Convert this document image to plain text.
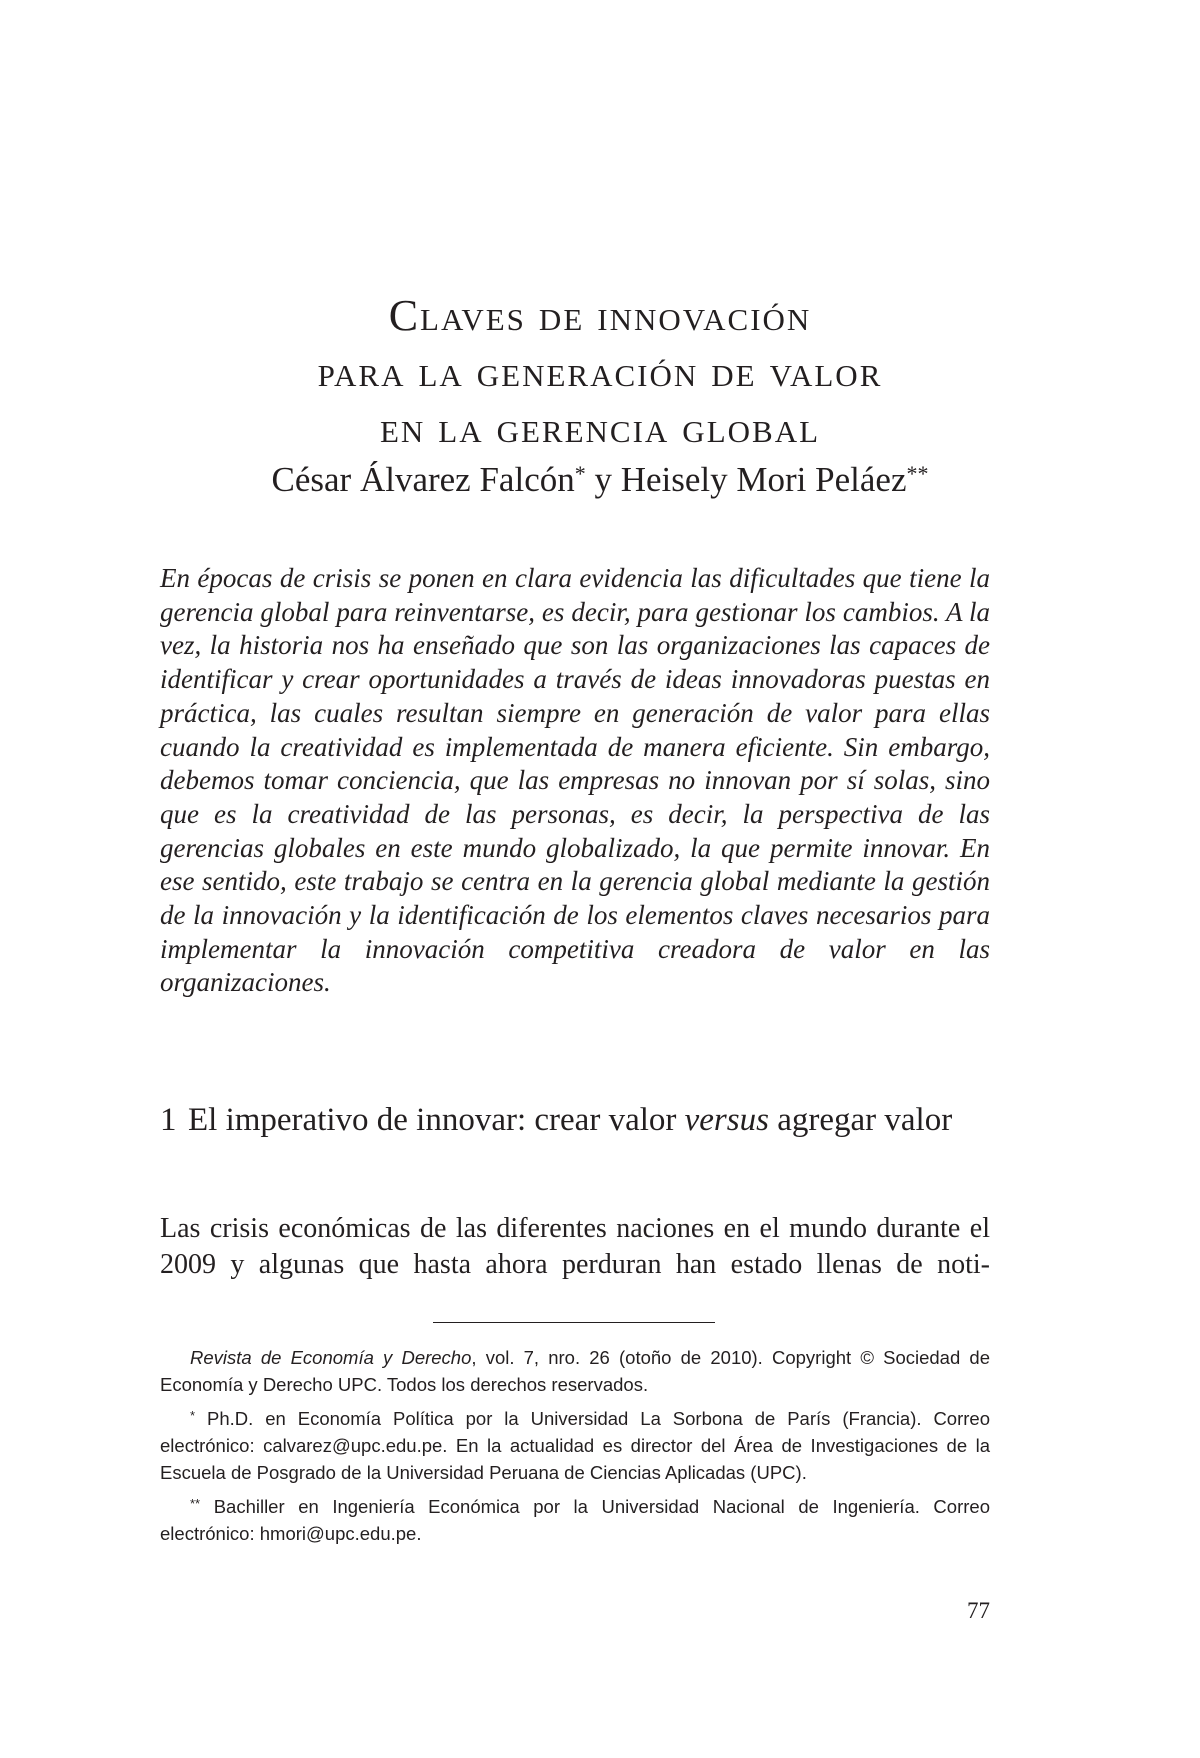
Claves de innovación
para la generación de valor
en la gerencia global

César Álvarez Falcón* y Heisely Mori Peláez**

En épocas de crisis se ponen en clara evidencia las dificultades que tiene la gerencia global para reinventarse, es decir, para gestionar los cambios. A la vez, la historia nos ha enseñado que son las organizaciones las capaces de identificar y crear oportunidades a través de ideas innovadoras puestas en práctica, las cuales resultan siempre en generación de valor para ellas cuando la creatividad es implementada de manera eficiente. Sin embargo, debemos tomar conciencia, que las empresas no innovan por sí solas, sino que es la creatividad de las personas, es decir, la perspectiva de las gerencias globales en este mundo globalizado, la que permite innovar. En ese sentido, este trabajo se centra en la gerencia global mediante la gestión de la innovación y la identificación de los elementos claves necesarios para implementar la innovación competitiva creadora de valor en las organizaciones.

1 El imperativo de innovar: crear valor versus agregar valor

Las crisis económicas de las diferentes naciones en el mundo durante el 2009 y algunas que hasta ahora perduran han estado llenas de noti-

Revista de Economía y Derecho, vol. 7, nro. 26 (otoño de 2010). Copyright © Sociedad de Economía y Derecho UPC. Todos los derechos reservados.

* Ph.D. en Economía Política por la Universidad La Sorbona de París (Francia). Correo electrónico: calvarez@upc.edu.pe. En la actualidad es director del Área de Investigaciones de la Escuela de Posgrado de la Universidad Peruana de Ciencias Aplicadas (UPC).

** Bachiller en Ingeniería Económica por la Universidad Nacional de Ingeniería. Correo electrónico: hmori@upc.edu.pe.

77
